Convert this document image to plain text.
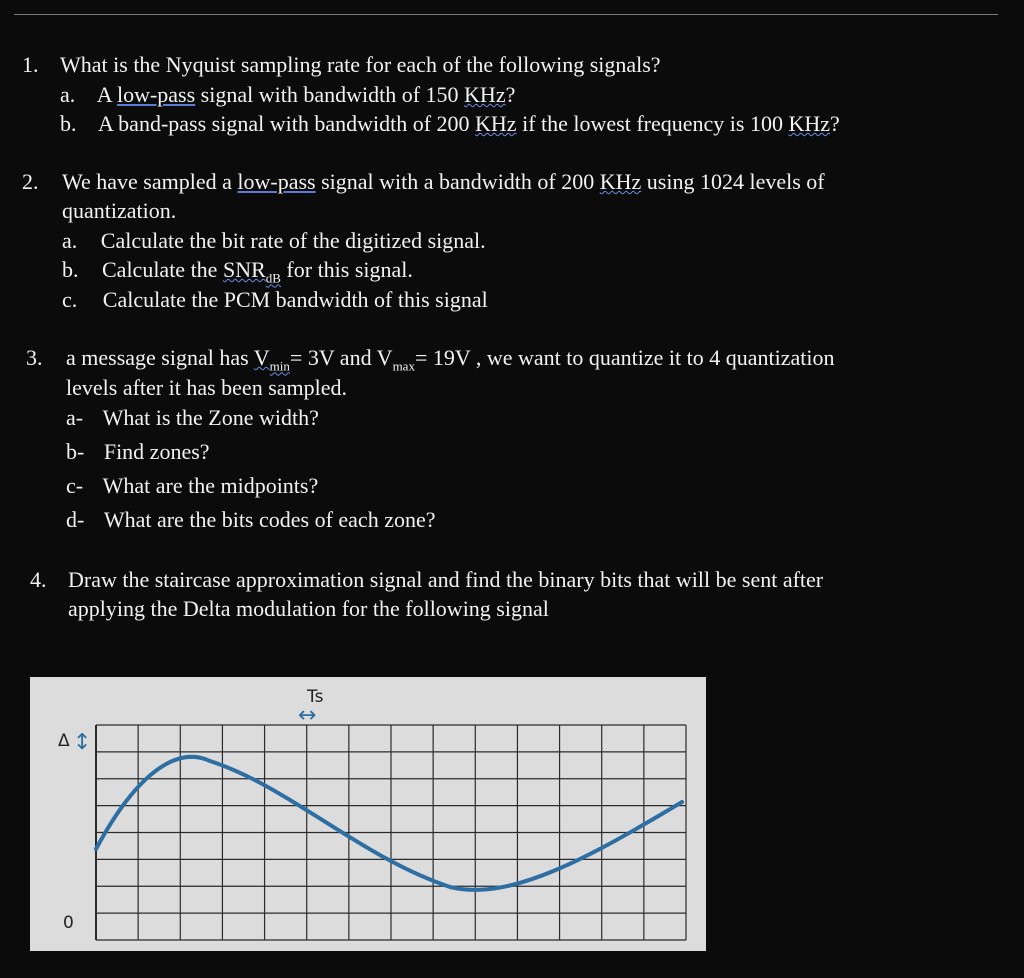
1. What is the Nyquist sampling rate for each of the following signals?
a. A low-pass signal with bandwidth of 150 KHz?
b. A band-pass signal with bandwidth of 200 KHz if the lowest frequency is 100 KHz?
2. We have sampled a low-pass signal with a bandwidth of 200 KHz using 1024 levels of
quantization.
a. Calculate the bit rate of the digitized signal.
b. Calculate the $SNR_{dB}$ for this signal.
c. Calculate the PCM bandwidth of this signal
3. a message signal has $V_{min}= 3V$ and $V_{max}= 19V$ , we want to quantize it to 4 quantization
levels after it has been sampled.
a- What is the Zone width?
b- Find zones?
c- What are the midpoints?
d- What are the bits codes of each zone?
4. Draw the staircase approximation signal and find the binary bits that will be sent after
applying the Delta modulation for the following signal
Ts
↔
Δ ↕
0
